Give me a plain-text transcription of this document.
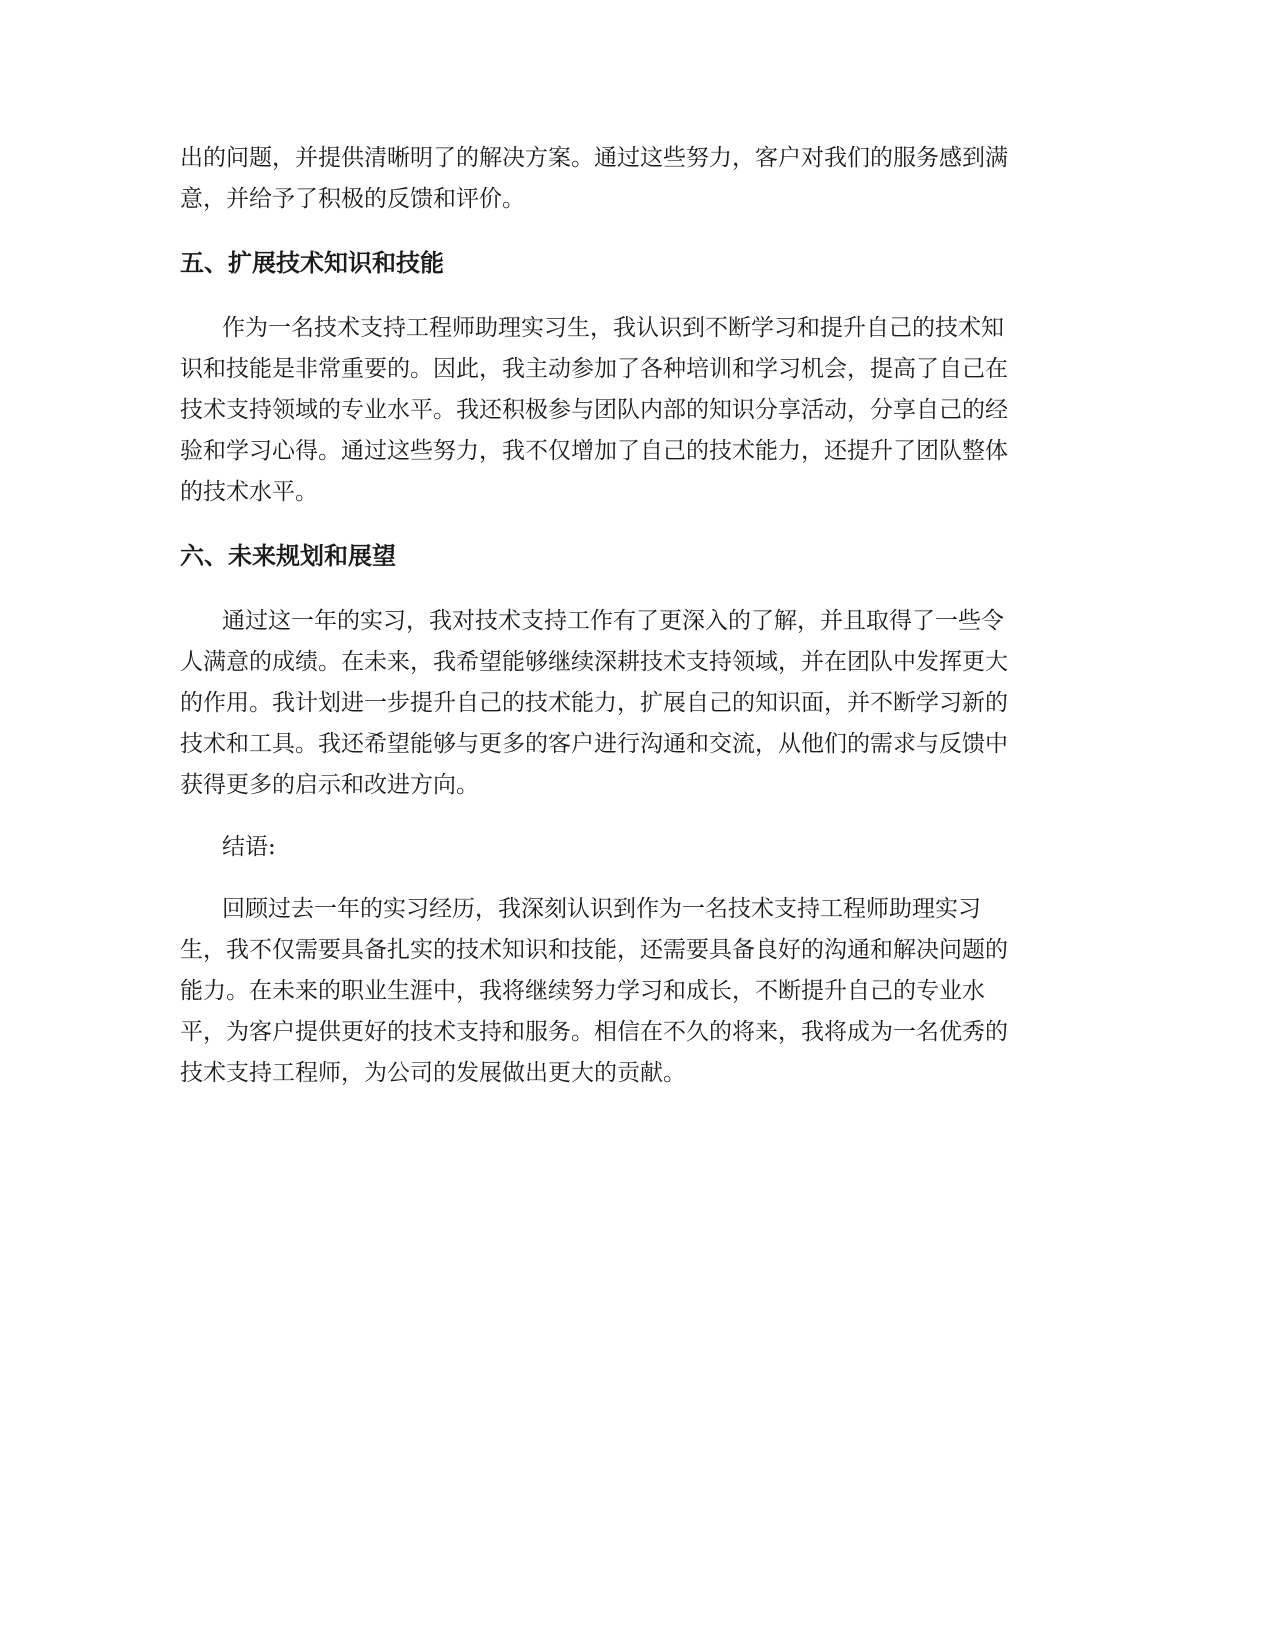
出的问题，并提供清晰明了的解决方案。通过这些努力，客户对我们的服务感到满
意，并给予了积极的反馈和评价。

五、扩展技术知识和技能

作为一名技术支持工程师助理实习生，我认识到不断学习和提升自己的技术知
识和技能是非常重要的。因此，我主动参加了各种培训和学习机会，提高了自己在
技术支持领域的专业水平。我还积极参与团队内部的知识分享活动，分享自己的经
验和学习心得。通过这些努力，我不仅增加了自己的技术能力，还提升了团队整体
的技术水平。

六、未来规划和展望

通过这一年的实习，我对技术支持工作有了更深入的了解，并且取得了一些令
人满意的成绩。在未来，我希望能够继续深耕技术支持领域，并在团队中发挥更大
的作用。我计划进一步提升自己的技术能力，扩展自己的知识面，并不断学习新的
技术和工具。我还希望能够与更多的客户进行沟通和交流，从他们的需求与反馈中
获得更多的启示和改进方向。

结语:

回顾过去一年的实习经历，我深刻认识到作为一名技术支持工程师助理实习
生，我不仅需要具备扎实的技术知识和技能，还需要具备良好的沟通和解决问题的
能力。在未来的职业生涯中，我将继续努力学习和成长，不断提升自己的专业水
平，为客户提供更好的技术支持和服务。相信在不久的将来，我将成为一名优秀的
技术支持工程师，为公司的发展做出更大的贡献。
